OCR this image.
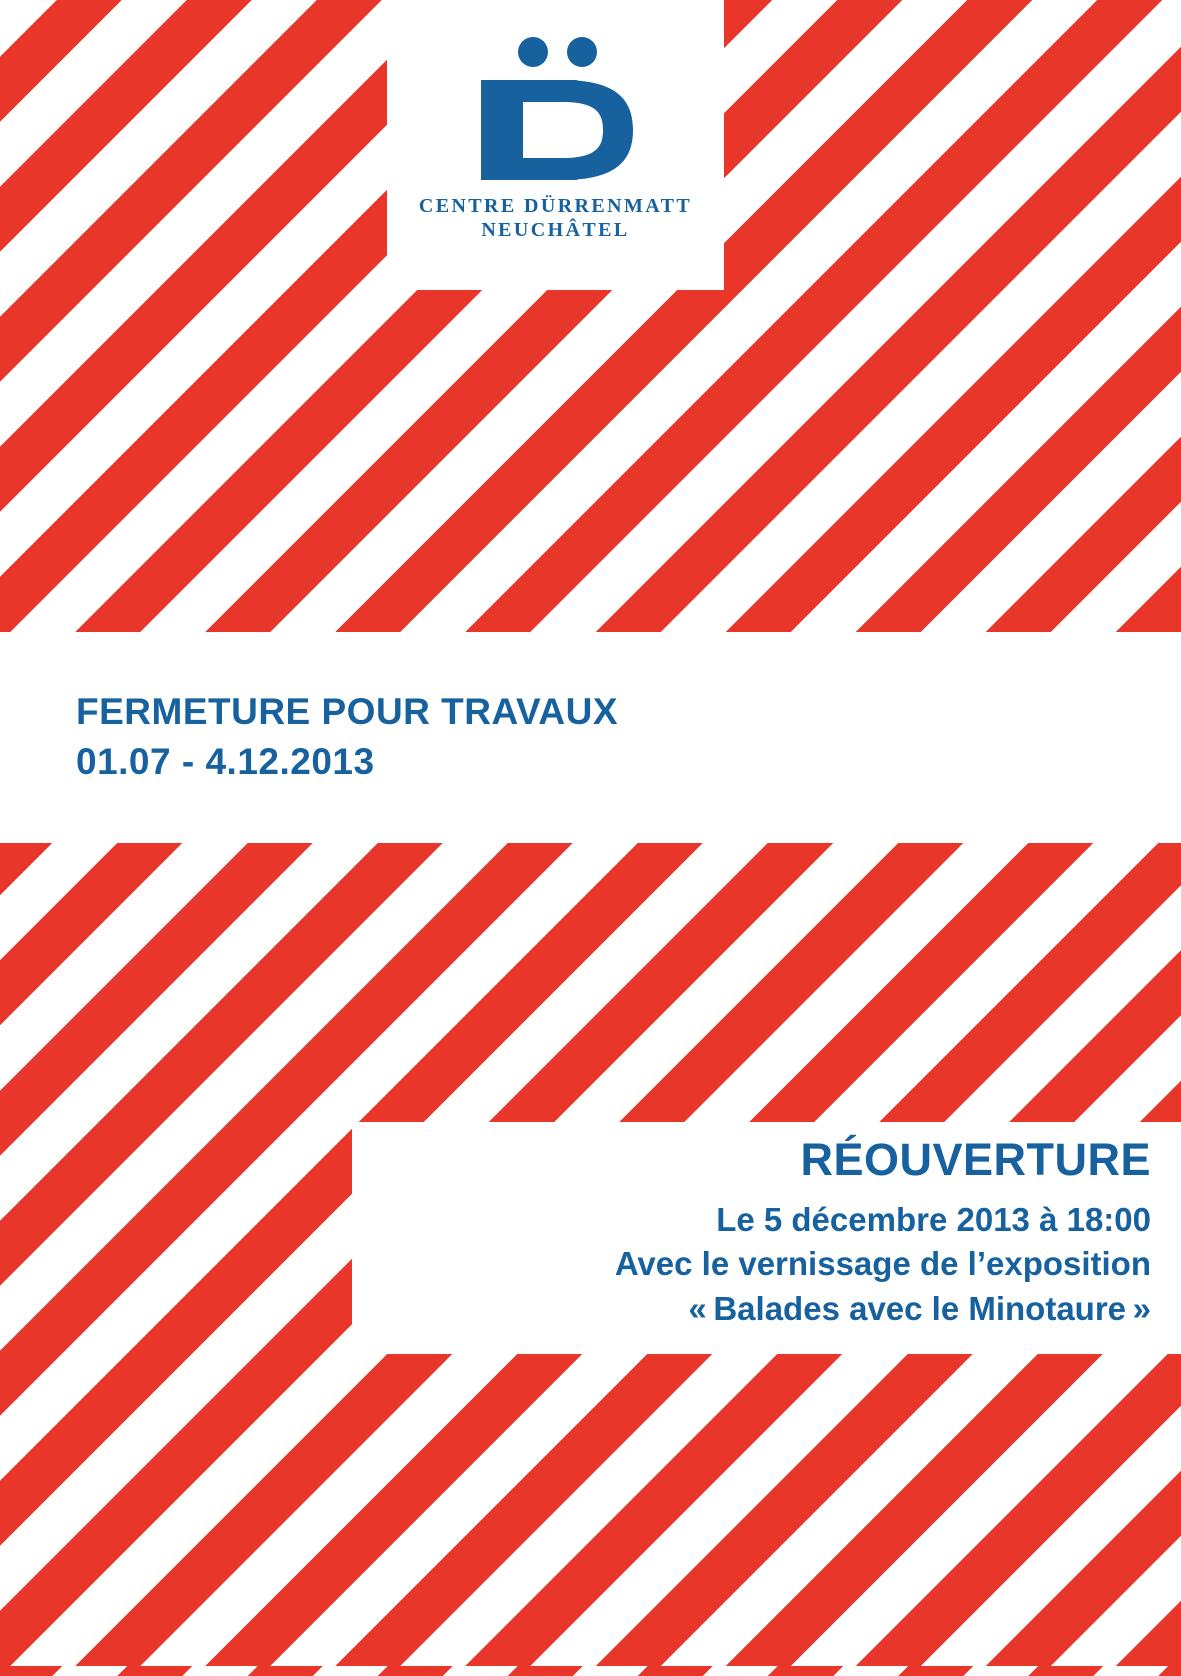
CENTRE DÜRRENMATT
NEUCHÂTEL
FERMETURE POUR TRAVAUX
01.07 - 4.12.2013
RÉOUVERTURE
Le 5 décembre 2013 à 18:00
Avec le vernissage de l’exposition
« Balades avec le Minotaure »
